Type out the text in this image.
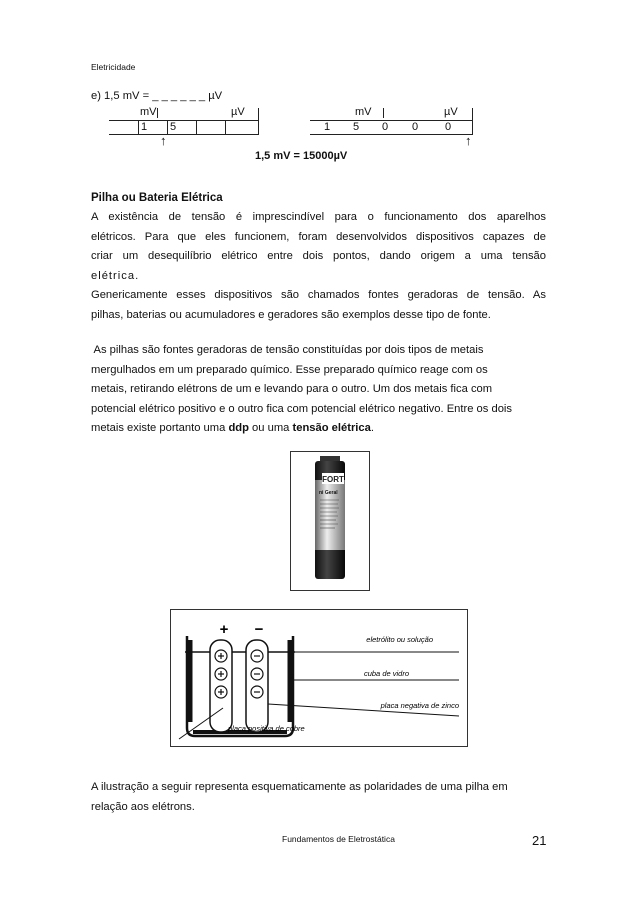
Eletricidade
e) 1,5 mV = _ _ _ _ _ _ µV
mV	µV
1 5
↑
mV	µV
1 5 0 0 0
↑
1,5 mV = 15000µV
Pilha ou Bateria Elétrica
A existência de tensão é imprescindível para o funcionamento dos aparelhos
elétricos. Para que eles funcionem, foram desenvolvidos dispositivos capazes de
criar um desequilíbrio elétrico entre dois pontos, dando origem a uma tensão
elétrica.
Genericamente esses dispositivos são chamados fontes geradoras de tensão. As
pilhas, baterias ou acumuladores e geradores são exemplos desse tipo de fonte.
As pilhas são fontes geradoras de tensão constituídas por dois tipos de metais
mergulhados em um preparado químico. Esse preparado químico reage com os
metais, retirando elétrons de um e levando para o outro. Um dos metais fica com
potencial elétrico positivo e o outro fica com potencial elétrico negativo. Entre os dois
metais existe portanto uma ddp ou uma tensão elétrica.
FORT
ni Geral
+ −
eletrólito ou solução
cuba de vidro
placa negativa de zinco
placa positiva de cobre
A ilustração a seguir representa esquematicamente as polaridades de uma pilha em
relação aos elétrons.
Fundamentos de Eletrostática	21
